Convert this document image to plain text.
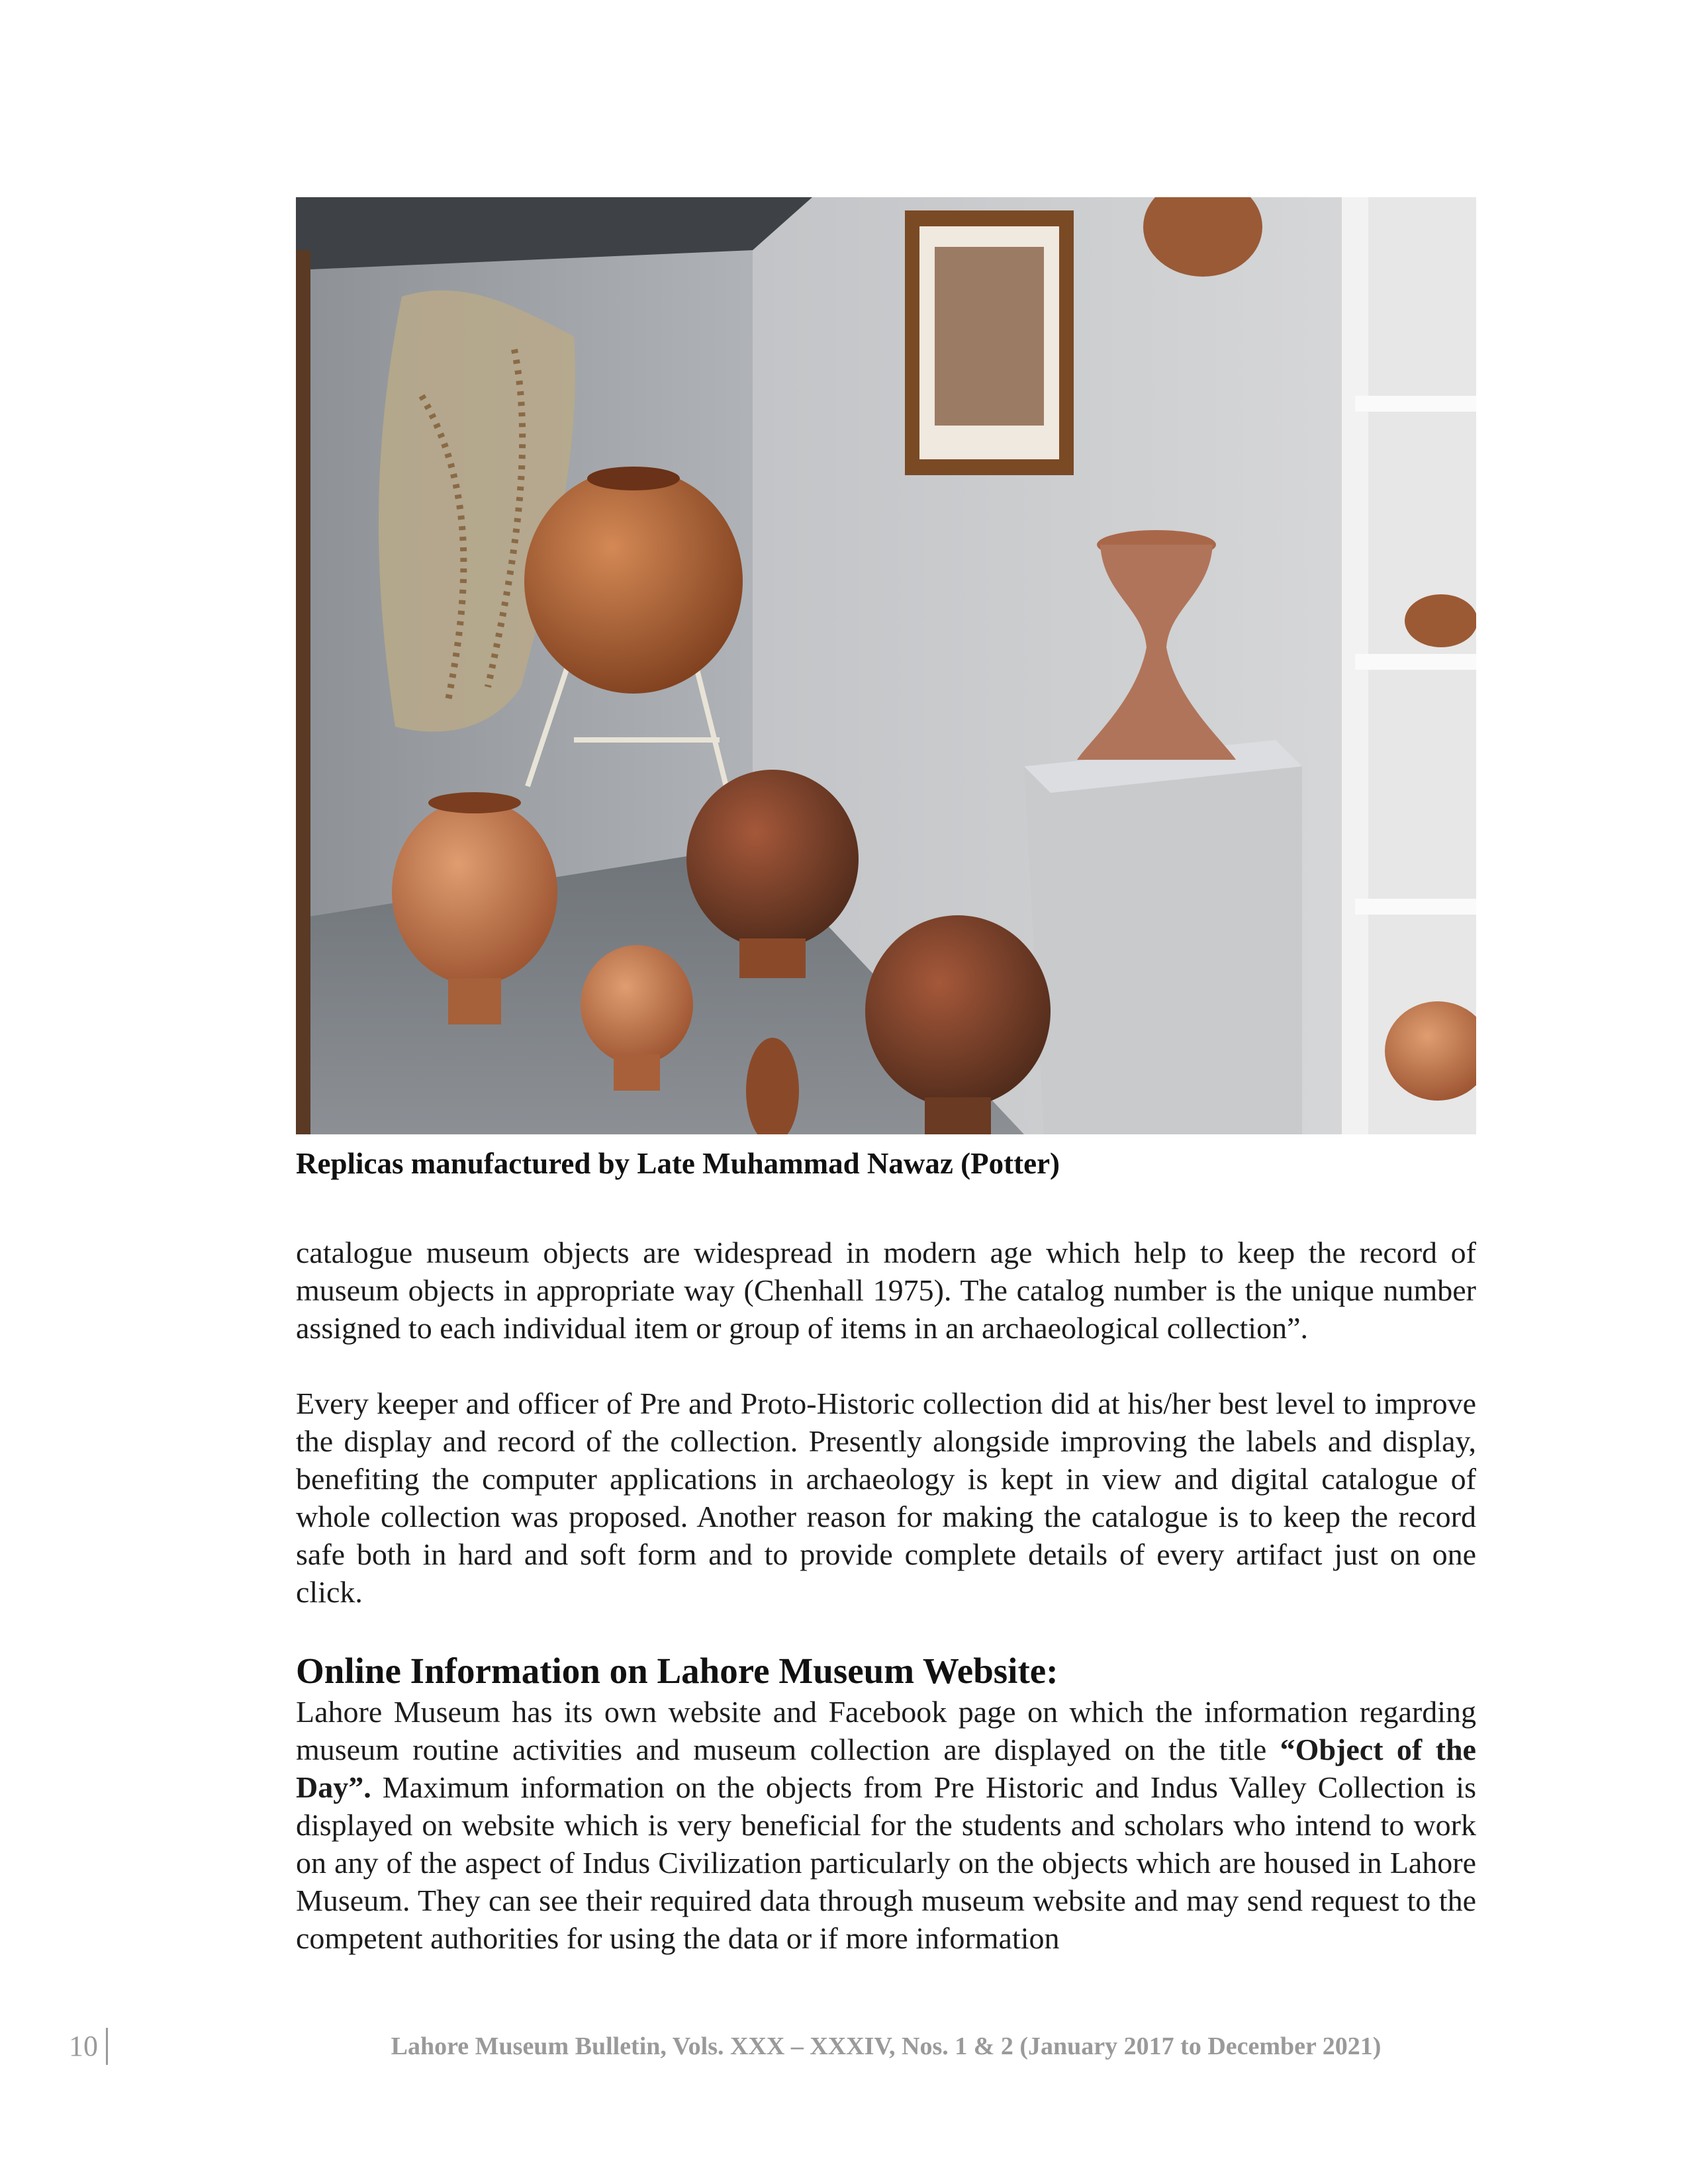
Replicas manufactured by Late Muhammad Nawaz (Potter)

catalogue museum objects are widespread in modern age which help to keep the record of museum objects in appropriate way (Chenhall 1975). The catalog number is the unique number assigned to each individual item or group of items in an archaeological collection”.

Every keeper and officer of Pre and Proto-Historic collection did at his/her best level to improve the display and record of the collection. Presently alongside improving the labels and display, benefiting the computer applications in archaeology is kept in view and digital catalogue of whole collection was proposed. Another reason for making the catalogue is to keep the record safe both in hard and soft form and to provide complete details of every artifact just on one click.

Online Information on Lahore Museum Website:

Lahore Museum has its own website and Facebook page on which the information regarding museum routine activities and museum collection are displayed on the title “Object of the Day”. Maximum information on the objects from Pre Historic and Indus Valley Collection is displayed on website which is very beneficial for the students and scholars who intend to work on any of the aspect of Indus Civilization particularly on the objects which are housed in Lahore Museum. They can see their required data through museum website and may send request to the competent authorities for using the data or if more information

10	Lahore Museum Bulletin, Vols. XXX – XXXIV, Nos. 1 & 2 (January 2017 to December 2021)
